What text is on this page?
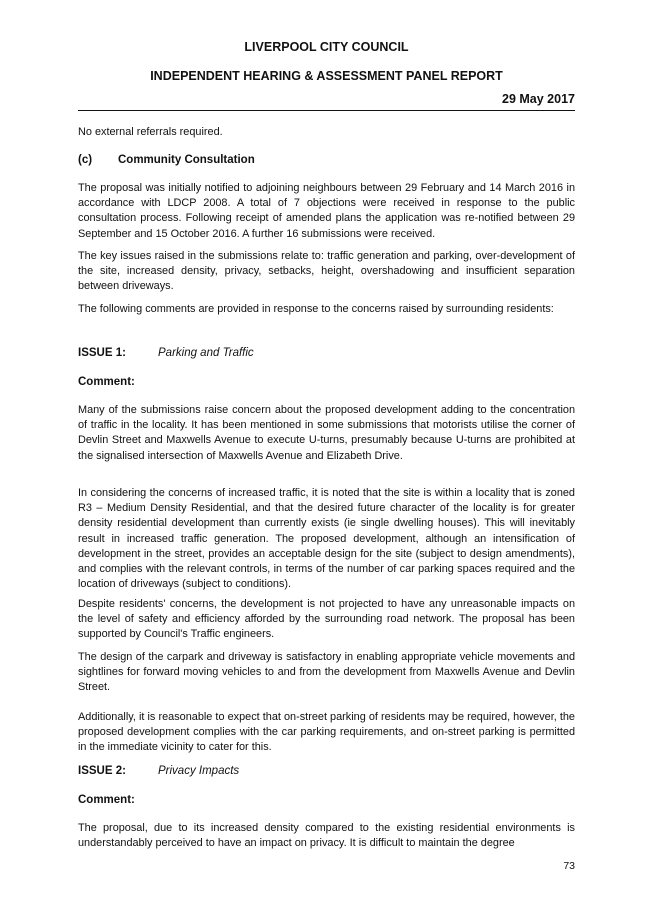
LIVERPOOL CITY COUNCIL
INDEPENDENT HEARING & ASSESSMENT PANEL REPORT
29 May 2017

No external referrals required.

(c) Community Consultation

The proposal was initially notified to adjoining neighbours between 29 February and 14 March 2016 in accordance with LDCP 2008. A total of 7 objections were received in response to the public consultation process. Following receipt of amended plans the application was re-notified between 29 September and 15 October 2016. A further 16 submissions were received.

The key issues raised in the submissions relate to: traffic generation and parking, over-development of the site, increased density, privacy, setbacks, height, overshadowing and insufficient separation between driveways.

The following comments are provided in response to the concerns raised by surrounding residents:

ISSUE 1:	Parking and Traffic

Comment:

Many of the submissions raise concern about the proposed development adding to the concentration of traffic in the locality. It has been mentioned in some submissions that motorists utilise the corner of Devlin Street and Maxwells Avenue to execute U-turns, presumably because U-turns are prohibited at the signalised intersection of Maxwells Avenue and Elizabeth Drive.

In considering the concerns of increased traffic, it is noted that the site is within a locality that is zoned R3 – Medium Density Residential, and that the desired future character of the locality is for greater density residential development than currently exists (ie single dwelling houses). This will inevitably result in increased traffic generation. The proposed development, although an intensification of development in the street, provides an acceptable design for the site (subject to design amendments), and complies with the relevant controls, in terms of the number of car parking spaces required and the location of driveways (subject to conditions).

Despite residents' concerns, the development is not projected to have any unreasonable impacts on the level of safety and efficiency afforded by the surrounding road network. The proposal has been supported by Council's Traffic engineers.

The design of the carpark and driveway is satisfactory in enabling appropriate vehicle movements and sightlines for forward moving vehicles to and from the development from Maxwells Avenue and Devlin Street.

Additionally, it is reasonable to expect that on-street parking of residents may be required, however, the proposed development complies with the car parking requirements, and on-street parking is permitted in the immediate vicinity to cater for this.

ISSUE 2:	Privacy Impacts

Comment:

The proposal, due to its increased density compared to the existing residential environments is understandably perceived to have an impact on privacy. It is difficult to maintain the degree

73
